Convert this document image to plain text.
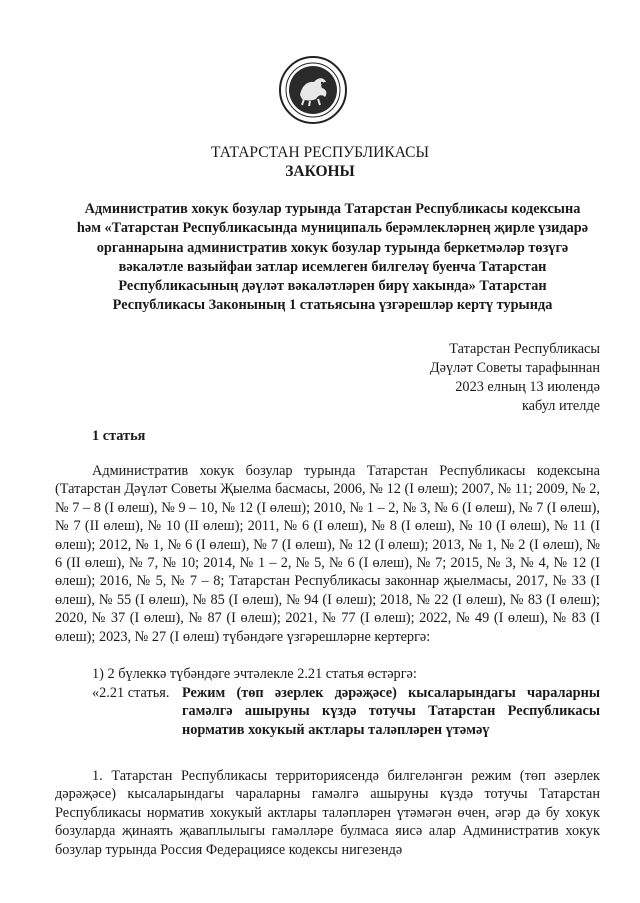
ТАТАРСТАН РЕСПУБЛИКАСЫ
ЗАКОНЫ
Административ хокук бозулар турында Татарстан Республикасы кодексына
һәм «Татарстан Республикасында муниципаль берәмлекләрнең җирле үзидарә
органнарына административ хокук бозулар турында беркетмәләр төзүгә
вәкаләтле вазыйфаи затлар исемлеген билгеләү буенча Татарстан
Республикасының дәүләт вәкаләтләрен бирү хакында» Татарстан
Республикасы Законының 1 статьясына үзгәрешләр кертү турында
Татарстан Республикасы
Дәүләт Советы тарафыннан
2023 елның 13 июлендә
кабул ителде
1 статья
Административ хокук бозулар турында Татарстан Республикасы кодексына (Татарстан Дәүләт Советы Җыелма басмасы, 2006, № 12 (I өлеш); 2007, № 11; 2009, № 2, № 7 – 8 (I өлеш), № 9 – 10, № 12 (I өлеш); 2010, № 1 – 2, № 3, № 6 (I өлеш), № 7 (I өлеш), № 7 (II өлеш), № 10 (II өлеш); 2011, № 6 (I өлеш), № 8 (I өлеш), № 10 (I өлеш), № 11 (I өлеш); 2012, № 1, № 6 (I өлеш), № 7 (I өлеш), № 12 (I өлеш); 2013, № 1, № 2 (I өлеш), № 6 (II өлеш), № 7, № 10; 2014, № 1 – 2, № 5, № 6 (I өлеш), № 7; 2015, № 3, № 4, № 12 (I өлеш); 2016, № 5, № 7 – 8; Татарстан Республикасы законнар җыелмасы, 2017, № 33 (I өлеш), № 55 (I өлеш), № 85 (I өлеш), № 94 (I өлеш); 2018, № 22 (I өлеш), № 83 (I өлеш); 2020, № 37 (I өлеш), № 87 (I өлеш); 2021, № 77 (I өлеш); 2022, № 49 (I өлеш), № 83 (I өлеш); 2023, № 27 (I өлеш) түбәндәге үзгәрешләрне кертергә:
1) 2 бүлеккә түбәндәге эчтәлекле 2.21 статья өстәргә:
«2.21 статья. Режим (төп әзерлек дәрәҗәсе) кысаларындагы чараларны гамәлгә ашыруны күздә тотучы Татарстан Республикасы норматив хокукый актлары таләпләрен үтәмәү
1. Татарстан Республикасы территориясендә билгеләнгән режим (төп әзерлек дәрәҗәсе) кысаларындагы чараларны гамәлгә ашыруны күздә тотучы Татарстан Республикасы норматив хокукый актлары таләпләрен үтәмәгән өчен, әгәр дә бу хокук бозуларда җинаять җаваплылыгы гамәлләре булмаса яисә алар Административ хокук бозулар турында Россия Федерациясе кодексы нигезендә
